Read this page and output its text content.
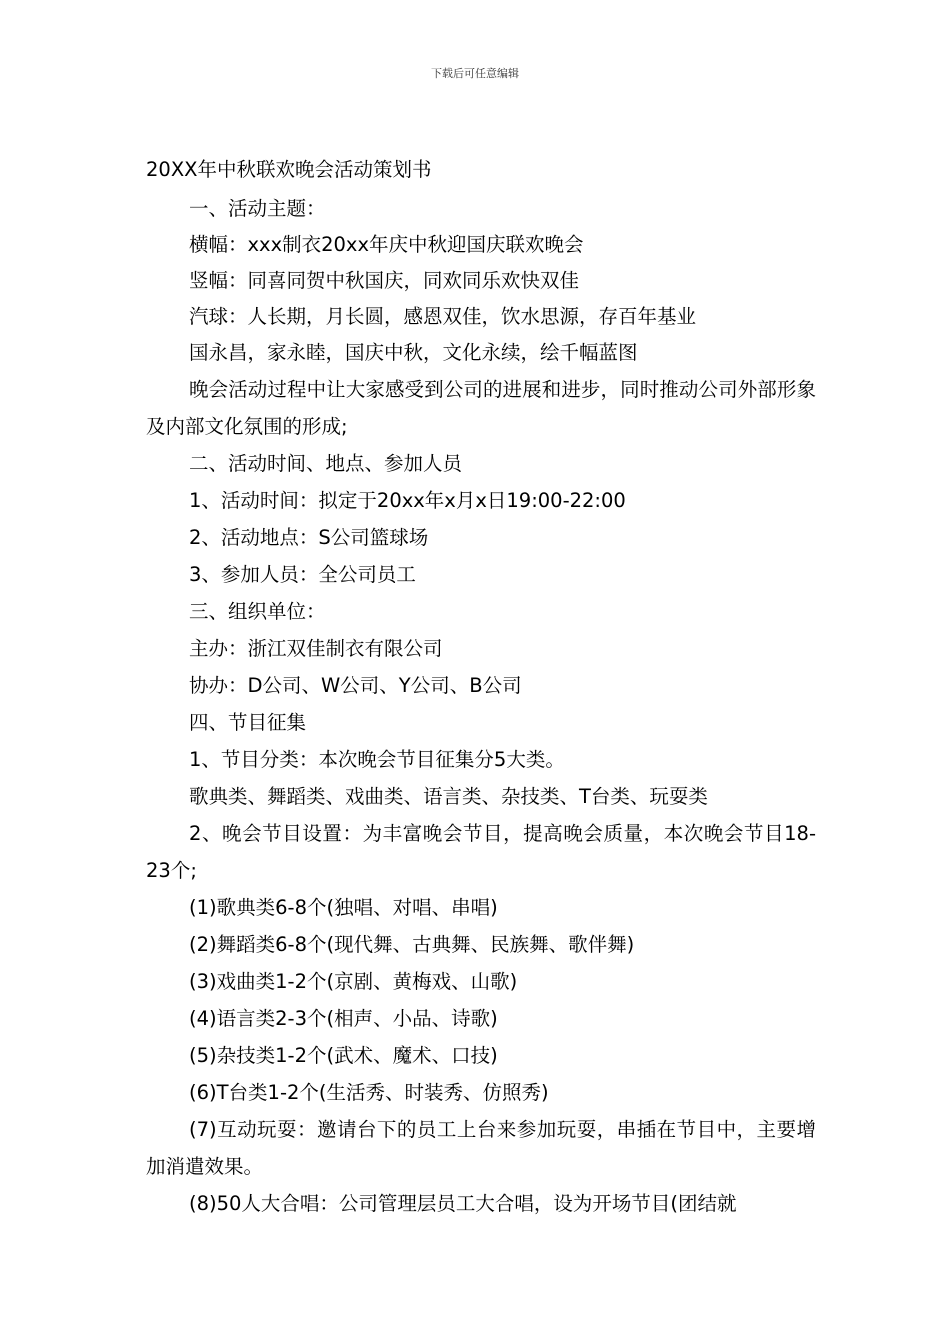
下载后可任意编辑
20XX年中秋联欢晚会活动策划书

一、活动主题：

横幅：xxx制衣20xx年庆中秋迎国庆联欢晚会

竖幅：同喜同贺中秋国庆，同欢同乐欢快双佳

汽球：人长期，月长圆，感恩双佳，饮水思源，存百年基业

国永昌，家永睦，国庆中秋，文化永续，绘千幅蓝图

晚会活动过程中让大家感受到公司的进展和进步，同时推动公司外部形象及内部文化氛围的形成;

二、活动时间、地点、参加人员

1、活动时间：拟定于20xx年x月x日19:00-22:00

2、活动地点：S公司篮球场

3、参加人员：全公司员工

三、组织单位：

主办：浙江双佳制衣有限公司

协办：D公司、W公司、Y公司、B公司

四、节目征集

1、节目分类：本次晚会节目征集分5大类。

歌典类、舞蹈类、戏曲类、语言类、杂技类、T台类、玩耍类

2、晚会节目设置：为丰富晚会节目，提高晚会质量，本次晚会节目18-23个;

(1)歌典类6-8个(独唱、对唱、串唱)

(2)舞蹈类6-8个(现代舞、古典舞、民族舞、歌伴舞)

(3)戏曲类1-2个(京剧、黄梅戏、山歌)

(4)语言类2-3个(相声、小品、诗歌)

(5)杂技类1-2个(武术、魔术、口技)

(6)T台类1-2个(生活秀、时装秀、仿照秀)

(7)互动玩耍：邀请台下的员工上台来参加玩耍，串插在节目中，主要增加消遣效果。

(8)50人大合唱：公司管理层员工大合唱，设为开场节目(团结就
